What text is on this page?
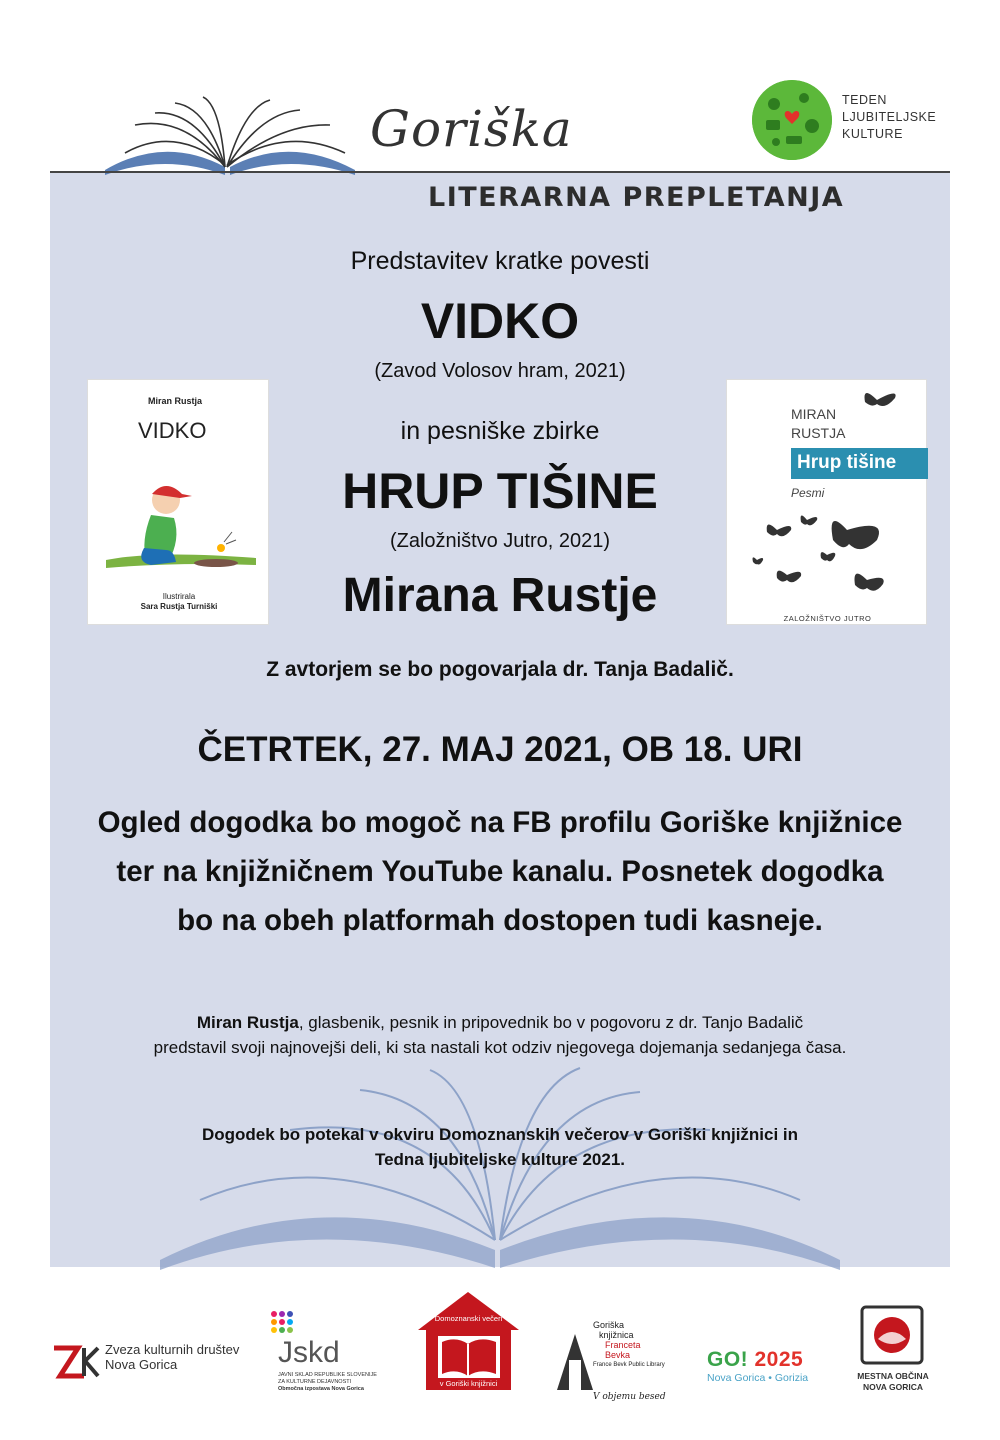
Goriška
LITERARNA PREPLETANJA
TEDEN
LJUBITELJSKE
KULTURE
Predstavitev kratke povesti
VIDKO
(Zavod Volosov hram, 2021)
in pesniške zbirke
HRUP TIŠINE
(Založništvo Jutro, 2021)
Mirana Rustje
Z avtorjem se bo pogovarjala dr. Tanja Badalič.
ČETRTEK, 27. MAJ 2021, OB 18. URI
Ogled dogodka bo mogoč na FB profilu Goriške knjižnice
ter na knjižničnem YouTube kanalu. Posnetek dogodka
bo na obeh platformah dostopen tudi kasneje.
Miran Rustja, glasbenik, pesnik in pripovednik bo v pogovoru z dr. Tanjo Badalič
predstavil svoji najnovejši deli, ki sta nastali kot odziv njegovega dojemanja sedanjega časa.
Dogodek bo potekal v okviru Domoznanskih večerov v Goriški knjižnici in
Tedna ljubiteljske kulture 2021.
Miran Rustja
VIDKO
Ilustrirala
Sara Rustja Turniški
MIRAN
RUSTJA
Hrup tišine
Pesmi
ZALOŽNIŠTVO JUTRO
Zveza kulturnih društev
Nova Gorica	Jskd
JAVNI SKLAD REPUBLIKE SLOVENIJE
ZA KULTURNE DEJAVNOSTI
Območna izpostava Nova Gorica
Domoznanski večeri
v Goriški knjižnici
Goriška
knjižnica
Franceta
Bevka
France Bevk Public Library
V objemu besed
GO! 2025
Nova Gorica • Gorizia	MESTNA OBČINA
NOVA GORICA
